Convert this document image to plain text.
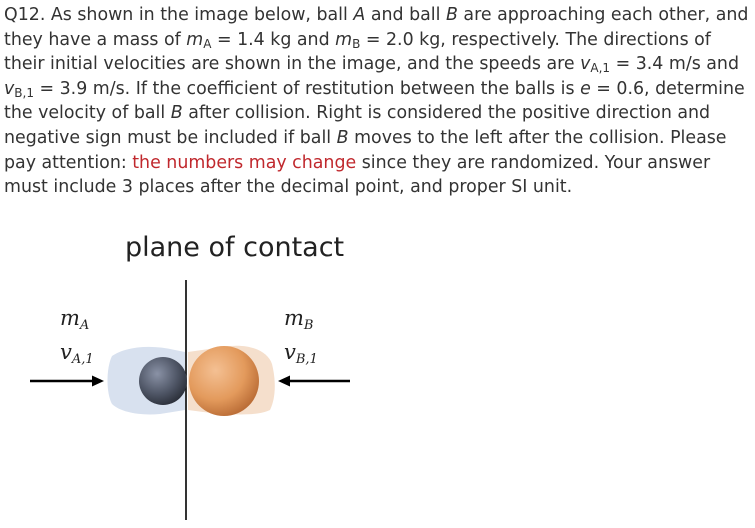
Q12. As shown in the image below, ball A and ball B are approaching each other, and they have a mass of $m_A = 1.4$ kg and $m_B = 2.0$ kg, respectively. The directions of their initial velocities are shown in the image, and the speeds are $v_{A,1} = 3.4$ m/s and $v_{B,1} = 3.9$ m/s. If the coefficient of restitution between the balls is e = 0.6, determine the velocity of ball B after collision. Right is considered the positive direction and negative sign must be included if ball B moves to the left after the collision. Please pay attention: the numbers may change since they are randomized. Your answer must include 3 places after the decimal point, and proper SI unit.

plane of contact
$m_A$
$v_{A,1}$
$m_B$
$v_{B,1}$
